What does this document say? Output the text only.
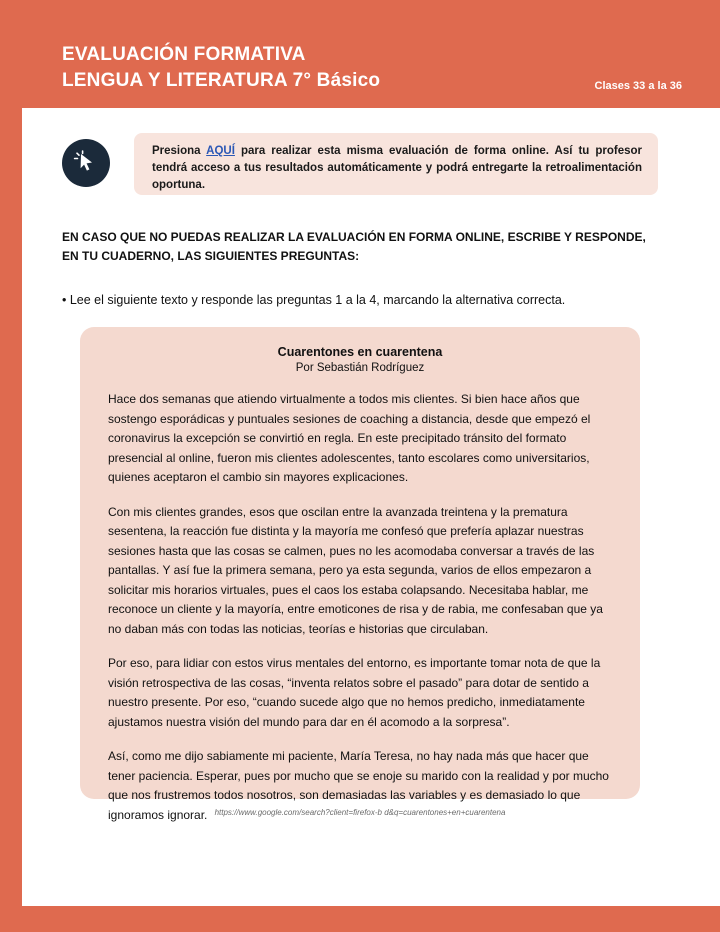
EVALUACIÓN FORMATIVA
LENGUA Y LITERATURA 7° Básico	Clases 33 a la 36
Presiona AQUÍ para realizar esta misma evaluación de forma online. Así tu profesor tendrá acceso a tus resultados automáticamente y podrá entregarte la retroalimentación oportuna.
EN CASO QUE NO PUEDAS REALIZAR LA EVALUACIÓN EN FORMA ONLINE, ESCRIBE Y RESPONDE, EN TU CUADERNO, LAS SIGUIENTES PREGUNTAS:
• Lee el siguiente texto y responde las preguntas 1 a la 4, marcando la alternativa correcta.
Cuarentones en cuarentena
Por Sebastián Rodríguez

Hace dos semanas que atiendo virtualmente a todos mis clientes. Si bien hace años que sostengo esporádicas y puntuales sesiones de coaching a distancia, desde que empezó el coronavirus la excepción se convirtió en regla. En este precipitado tránsito del formato presencial al online, fueron mis clientes adolescentes, tanto escolares como universitarios, quienes aceptaron el cambio sin mayores explicaciones.

Con mis clientes grandes, esos que oscilan entre la avanzada treintena y la prematura sesentena, la reacción fue distinta y la mayoría me confesó que prefería aplazar nuestras sesiones hasta que las cosas se calmen, pues no les acomodaba conversar a través de las pantallas. Y así fue la primera semana, pero ya esta segunda, varios de ellos empezaron a solicitar mis horarios virtuales, pues el caos los estaba colapsando. Necesitaba hablar, me reconoce un cliente y la mayoría, entre emoticones de risa y de rabia, me confesaban que ya no daban más con todas las noticias, teorías e historias que circulaban.

Por eso, para lidiar con estos virus mentales del entorno, es importante tomar nota de que la visión retrospectiva de las cosas, “inventa relatos sobre el pasado” para dotar de sentido a nuestro presente. Por eso, “cuando sucede algo que no hemos predicho, inmediatamente ajustamos nuestra visión del mundo para dar en él acomodo a la sorpresa”.

Así, como me dijo sabiamente mi paciente, María Teresa, no hay nada más que hacer que tener paciencia. Esperar, pues por mucho que se enoje su marido con la realidad y por mucho que nos frustremos todos nosotros, son demasiadas las variables y es demasiado lo que ignoramos ignorar. https://www.google.com/search?client=firefox-b d&q=cuarentones+en+cuarentena
